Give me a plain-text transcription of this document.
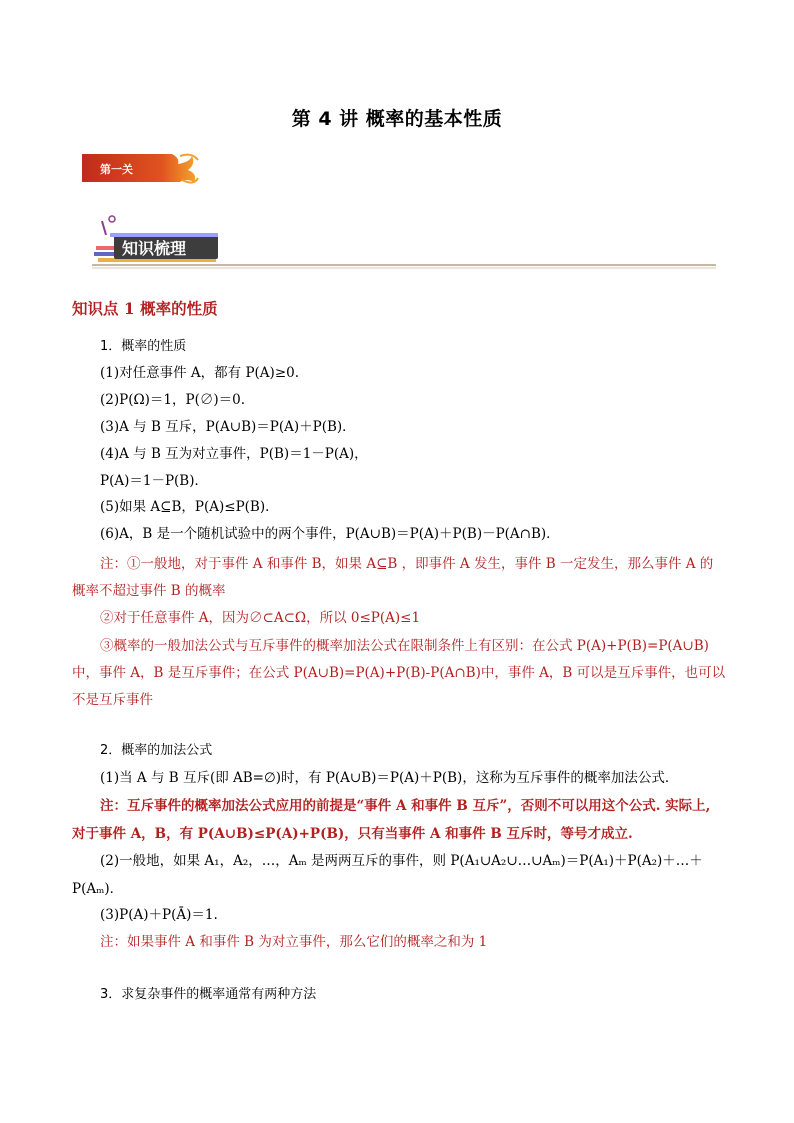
第 4 讲 概率的基本性质
第一关
知识梳理
知识点 1 概率的性质
1．概率的性质
(1)对任意事件 A，都有 P(A)≥0.
(2)P(Ω)＝1，P(∅)＝0.
(3)A 与 B 互斥，P(A∪B)＝P(A)＋P(B)．
(4)A 与 B 互为对立事件，P(B)＝1－P(A)，
P(A)＝1－P(B)．
(5)如果 A⊆B，P(A)≤P(B)．
(6)A，B 是一个随机试验中的两个事件，P(A∪B)＝P(A)＋P(B)－P(A∩B)．
注：①一般地，对于事件 A 和事件 B，如果 A⊆B ，即事件 A 发生，事件 B 一定发生，那么事件 A 的
概率不超过事件 B 的概率
②对于任意事件 A，因为∅⊂A⊂Ω，所以 0≤P(A)≤1
③概率的一般加法公式与互斥事件的概率加法公式在限制条件上有区别：在公式 P(A)+P(B)=P(A∪B)
中，事件 A，B 是互斥事件；在公式 P(A∪B)=P(A)+P(B)-P(A∩B)中，事件 A，B 可以是互斥事件，也可以
不是互斥事件
2．概率的加法公式
(1)当 A 与 B 互斥(即 AB=∅)时，有 P(A∪B)＝P(A)＋P(B)，这称为互斥事件的概率加法公式．
注：互斥事件的概率加法公式应用的前提是“事件 A 和事件 B 互斥”，否则不可以用这个公式. 实际上,
对于事件 A，B，有 P(A∪B)≤P(A)+P(B)，只有当事件 A 和事件 B 互斥时，等号才成立.
(2)一般地，如果 A₁，A₂，…，Aₘ 是两两互斥的事件，则 P(A₁∪A₂∪…∪Aₘ)＝P(A₁)＋P(A₂)＋…＋
P(Aₘ)．
(3)P(A)＋P(Ā)＝1.
注：如果事件 A 和事件 B 为对立事件，那么它们的概率之和为 1
3．求复杂事件的概率通常有两种方法
